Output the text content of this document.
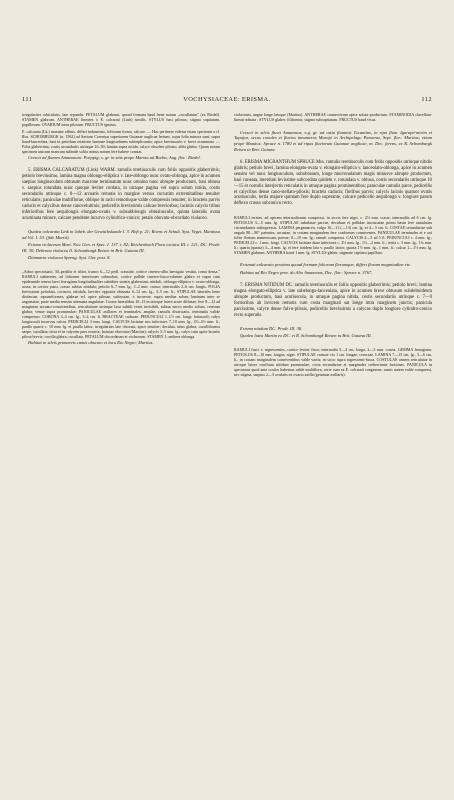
111	VOCHYSIACEAE: ERISMA.	112

irregulariter orbicularis, late repandis. PETALUM glabrum, quoad formam haud bene notum „cucullatum" (ex Riedel). STAMEN glabrum. ANTHERAE lineares ± E. calcarati (Link) similis. STYLUS basi pilosus; stigma capitatum, papillosum. OVARIUM intus pilosum. FRUCTUS ignotus.

E. calcarata (Lk.) maxime affinis, differt indumento, foliorum forma, calcare. — Hac pertinere videtur etiam specimen a cl. Ros. SCHOMBURGK (n. 1562) ad Saviam Corentyn superiorem Guianae anglicae lectum, cujus folia minora sunt, supra haud-lanceolata, basi in petiolum retatione laminae longitudinem subtriplicantia; apice breviusculo v. brevi acuminata. — Folia glaberrima, costis secundariis utrinque 16–30; lamina supra nitida; calyce obsolete plicato; alibi glabro. Quam notam specimen unicum mancum subinde solito minus notum fere habere constat.

Crescit ad flumen Amazonum: Poeppig; s. gr. in sitis prope Marota ad Borba, Aug. flor.: Riedel.

5. ERISMA CALCARATUM (Link) WARM. ramulis teretiusculis cum foliis oppositis glaberrimis; petiolo breviusimo, lamina magna oblongo-elliptica v. late-oblongo nunc ovato-oblonga, apice in acumen saepius longiusculum obtusum macrone terminatum nunc omnino nunc abrupte productum, basi obtusa v. saepius rotundata nunc quoque leviter cordata, in utraque pagina vel supra solum nitida, costis secundariis utrinque c. 8—12 arcuatis remotis in margine versus curvatim extremitatibus tenuiter reticulatis; paniculae multiflorae, oblique in rachi remotisque valde compressis tenuiter, in bracteis parvis caducis et calycibus dense canoveluttinis; pedicellis brevissimis calicae breviorbus; laciniis calycis tribus inferioribus fere aequilongis elongato-ovatis v. subsubblongis obtusiusculis, quinta lateralis ovata acuminata minore, calcare pendente incurvo cylindrico-conico; petalo obovato-obcordato violaceo.

Qualea calcarata Link in Jahrb. der Gewächskunde I. 3. Heft p. 21; Roem. et Schult. Syst. Veget. Mantissa ad Vol. I. 53. (fide Martii).

Erisma violaceum Mart. Nov. Gen. et Spec. I. 137. t. 82; Reichenbach Flora exotica III. t. 121; DC. Prodr. III. 30; Debrnea violacea Il. Schomburgk Reisen in Brit. Guiana III.

Dimmaria violacea Spreng. Syst. Our. post. 8.

„Arbor speciosiaoi, 30–pedalis et altior, trunco 6—12 pedl. crassitie, cortice cinereo-albo laevigato vestita, coma densa." RAMULI subteretes, ad foliorum insertiones subnodosi, cortice pallide cinereo-fusco-rubente glabro et supra cum epidermide tenera laevi ferruginea longitudinaliter subtiliter striatis glaberrimi, nitiduli, oblongo-elliptica v. ovato-oblonga, acuta, in cortice passi, crasso subtus nitidulo; petiolo 6–7 mm. lg., 1–2 mm. crasso; internodiis 2–6 cm. longis. FOLIA brevissime petiolata, coriacea, nitidula, laeviter opposite obtusata 6–12 cm. lg., 3–5 cm. lt.; STIPULAE laterales bene distinctae, squamiformes, glabrae rel. apice pilosae, subacutae, ± incurvae, supra mediae solum laminam inter se angustatae, parte media sensim attenuata angulatae. Costae lateralibus 10–13 in utroque latere acute diffusae, fere 8—12 ad marginem arcuato-conniventibus, reticulatione utrinque laxa subtili venis invisibili, subtus nervo medio solum, ceterum glabra; venae supra prominulae; PANICULAE axillares et terminales, amplae, ramulis divaricatis, terminalis valide compressis. CORONA 3–4 cm. lg., 3–4 cm. lt. BRACTEAE caducae. PEDUNCULI 1–1½ cm. longi; latiusculi; calyx longiusculi incurvus calcar. PEDICELLI 3 mm. longi. CALYCIS laciniae tres inferiores 7–10 mm. lg., 4½–4½ mm. lt., paullo quarta c. 10 mm. lg. et paullo latior, irregulariter late obovata, apice tenuiter; decidua, intus glabra, cuculliformis saepe, cucullata; tecta et in calycem pars exserta; laciniae obovatae (Martius); calycis 3–5 mm. lg.; calyx cum apice laciniis pilosa brevis; corolla glabra, cucullata. PETALUM obcordatum et violaceum. STAMEN 1; anthera oblonga.

Habitat in silvis primaevis cumis obscuro et lacu Rio Negro; Martius.

violaceum, ungue longe latoque (Martius). ANTHERAE connectivum apice solute productum. STAMINODIA clavellata-lineari-adnata ; STYLUS glaber, filiformis; stigma subcapitatum. FRUCTUS haud visus.

Crescit in silvis fluvii Amazonas, e.g. gr. ad ostia fluminis Tocantins, in ripa flum. Igarapé-mirim et Tapajoz, secus conales et fluvios innumeros Marajó in Archipelago Paraensi, Sept. flor.: Martius; etiam prope Manáos: Spruce n. 1780 et ad ripas fluviorum Guianae anglicae, m. Dec. ferens, ex R. Schomburgk Reisen in Brit. Guiana.

6. ERISMA MICRANTHUM SPRUCE Mss. ramulis teretiusculis cum foliis oppositis utrinque nitidis glabris; petiolo brevi, lamina elongato-ovata v. elongato-elliptica v. lanceolato-oblonga, apice in acumen sensim vel nunc longiusculum, subobtusum, longe mucronulatum magis minusve abrupte productum, basi cuneata, interdum levissime subcordata quidem v. rotundata v. obtusa, costis secundariis utrinque 10—15 et costulis interjectis reticulatis in utraque pagina prominentibus; paniculae ramulis parce, pedicellis et calycibus dense cano-stellato-pilosis; bracteis caducis; floribus parvis; calycis lacinis quatuor ovatis acutiusculis, tertia majore quintam fere duplo superante, calcare pedicello aequilongo v. longiore parum deflexo crasso subconico recto.

RAMULI teretes, ad apicem internodiorum compressi, in siccis fere nigri, c. 2½ mm. crassi; internodiis ad 6 cm. lg. PETIOLUS 3—5 mm. lg. STIPULAE subulatae parvae, deciduae et pallidae incrassatae primo basin fere annulatim circumdantes rufimpressis. LAMINA pergamacea, vulgo 10—11 (—13) cm. lg. et 4—5 cm. lt. COSTAE secundariae sub angulo 80—90° patentes, arcuatae, in costam marginalem fere conformes conniventes. PANICULAE terminales et e axi foliis florium numerosum, parvae, 8—10 cm. lg.; ramuli compressi. CALYCIS 4—5 ad 5 fl. PEDUNCULI c. 4 mm. lg.; PEDICELLI c. 1 mm. longi. CALYCIS laciniae duae inferiores c. 2½ mm. lg., 1½—2 mm. lt.; tertia c. 3 mm. lg., 1¾ mm. lt.; quarta (quinta) 3—4 mm. lg. et fere totidem lata v. paullo latior; quinta 1½ mm. lg., 1 mm. lt.; calcar 1—1½ mm. lg. STAMEN glabrum. ANTHERA bond 1 mm. lg. STYLUS glaber, stigmate capitato papilloso.

Erismati calcarato proxima quoad formam foliorum florumque, differt florum magnitudine etc.

Habitat ad Rio Negro prov. do Alto Amazonas, Dec. flor.: Spruce n. 3767.

7. ERISMA NITIDUM DC. ramulis teretiusculis et foliis oppositis glaberrimis; petiolo brevi; lamina magna elongato-elliptica v. late subelongo-lanceolata, apice in acumen breve obtusum subdeltoideum abrupte productum, basi acutiuscula, in utraque pagina nitida, costis secundariis utrinque c. 7—9 fortioribus ab invicem remotis cum costa marginali sat longe intra marginem junctis; panicula parcissime, calyce dense fulvo-pilosis, pedicellis brevissimis a calycae duplo longiore cylindro-conico recto superatis.

Erisma nitidum DC. Prodr. III. 30.

Qualea lutea Martin ex DC. et R. Schomburgk Reisen in Brit. Guiana III.

RAMULI fusci v. nigrescentes, cortice leviter fisso; internodia 3—4 cm. longa, 2—3 mm. crassa. GEMMA ferruginea. PETIOLUS 8—10 mm. longus, niger. STIPULAE crassae vix 1 cm. longae, ceraceae. LAMINA 7—15 cm. lg., 3—6 cm. lt., in costam marginalem conniventibus valde variis; in sicco supra nigrescenti-fusca. COSTULAE omnes reticulatae in utroque latere conflutas nitidum prominulae; costa secundariae et marginales creberrimae factiones. PANICULA in specimine quod ante oculos habemus valde multiflora, certe cum ea E. calcarati congruens; ramis autem valde compressi, nec stigma, saepius 2—3 ovulatis ex ovario axilla (gemmae axillaris).
